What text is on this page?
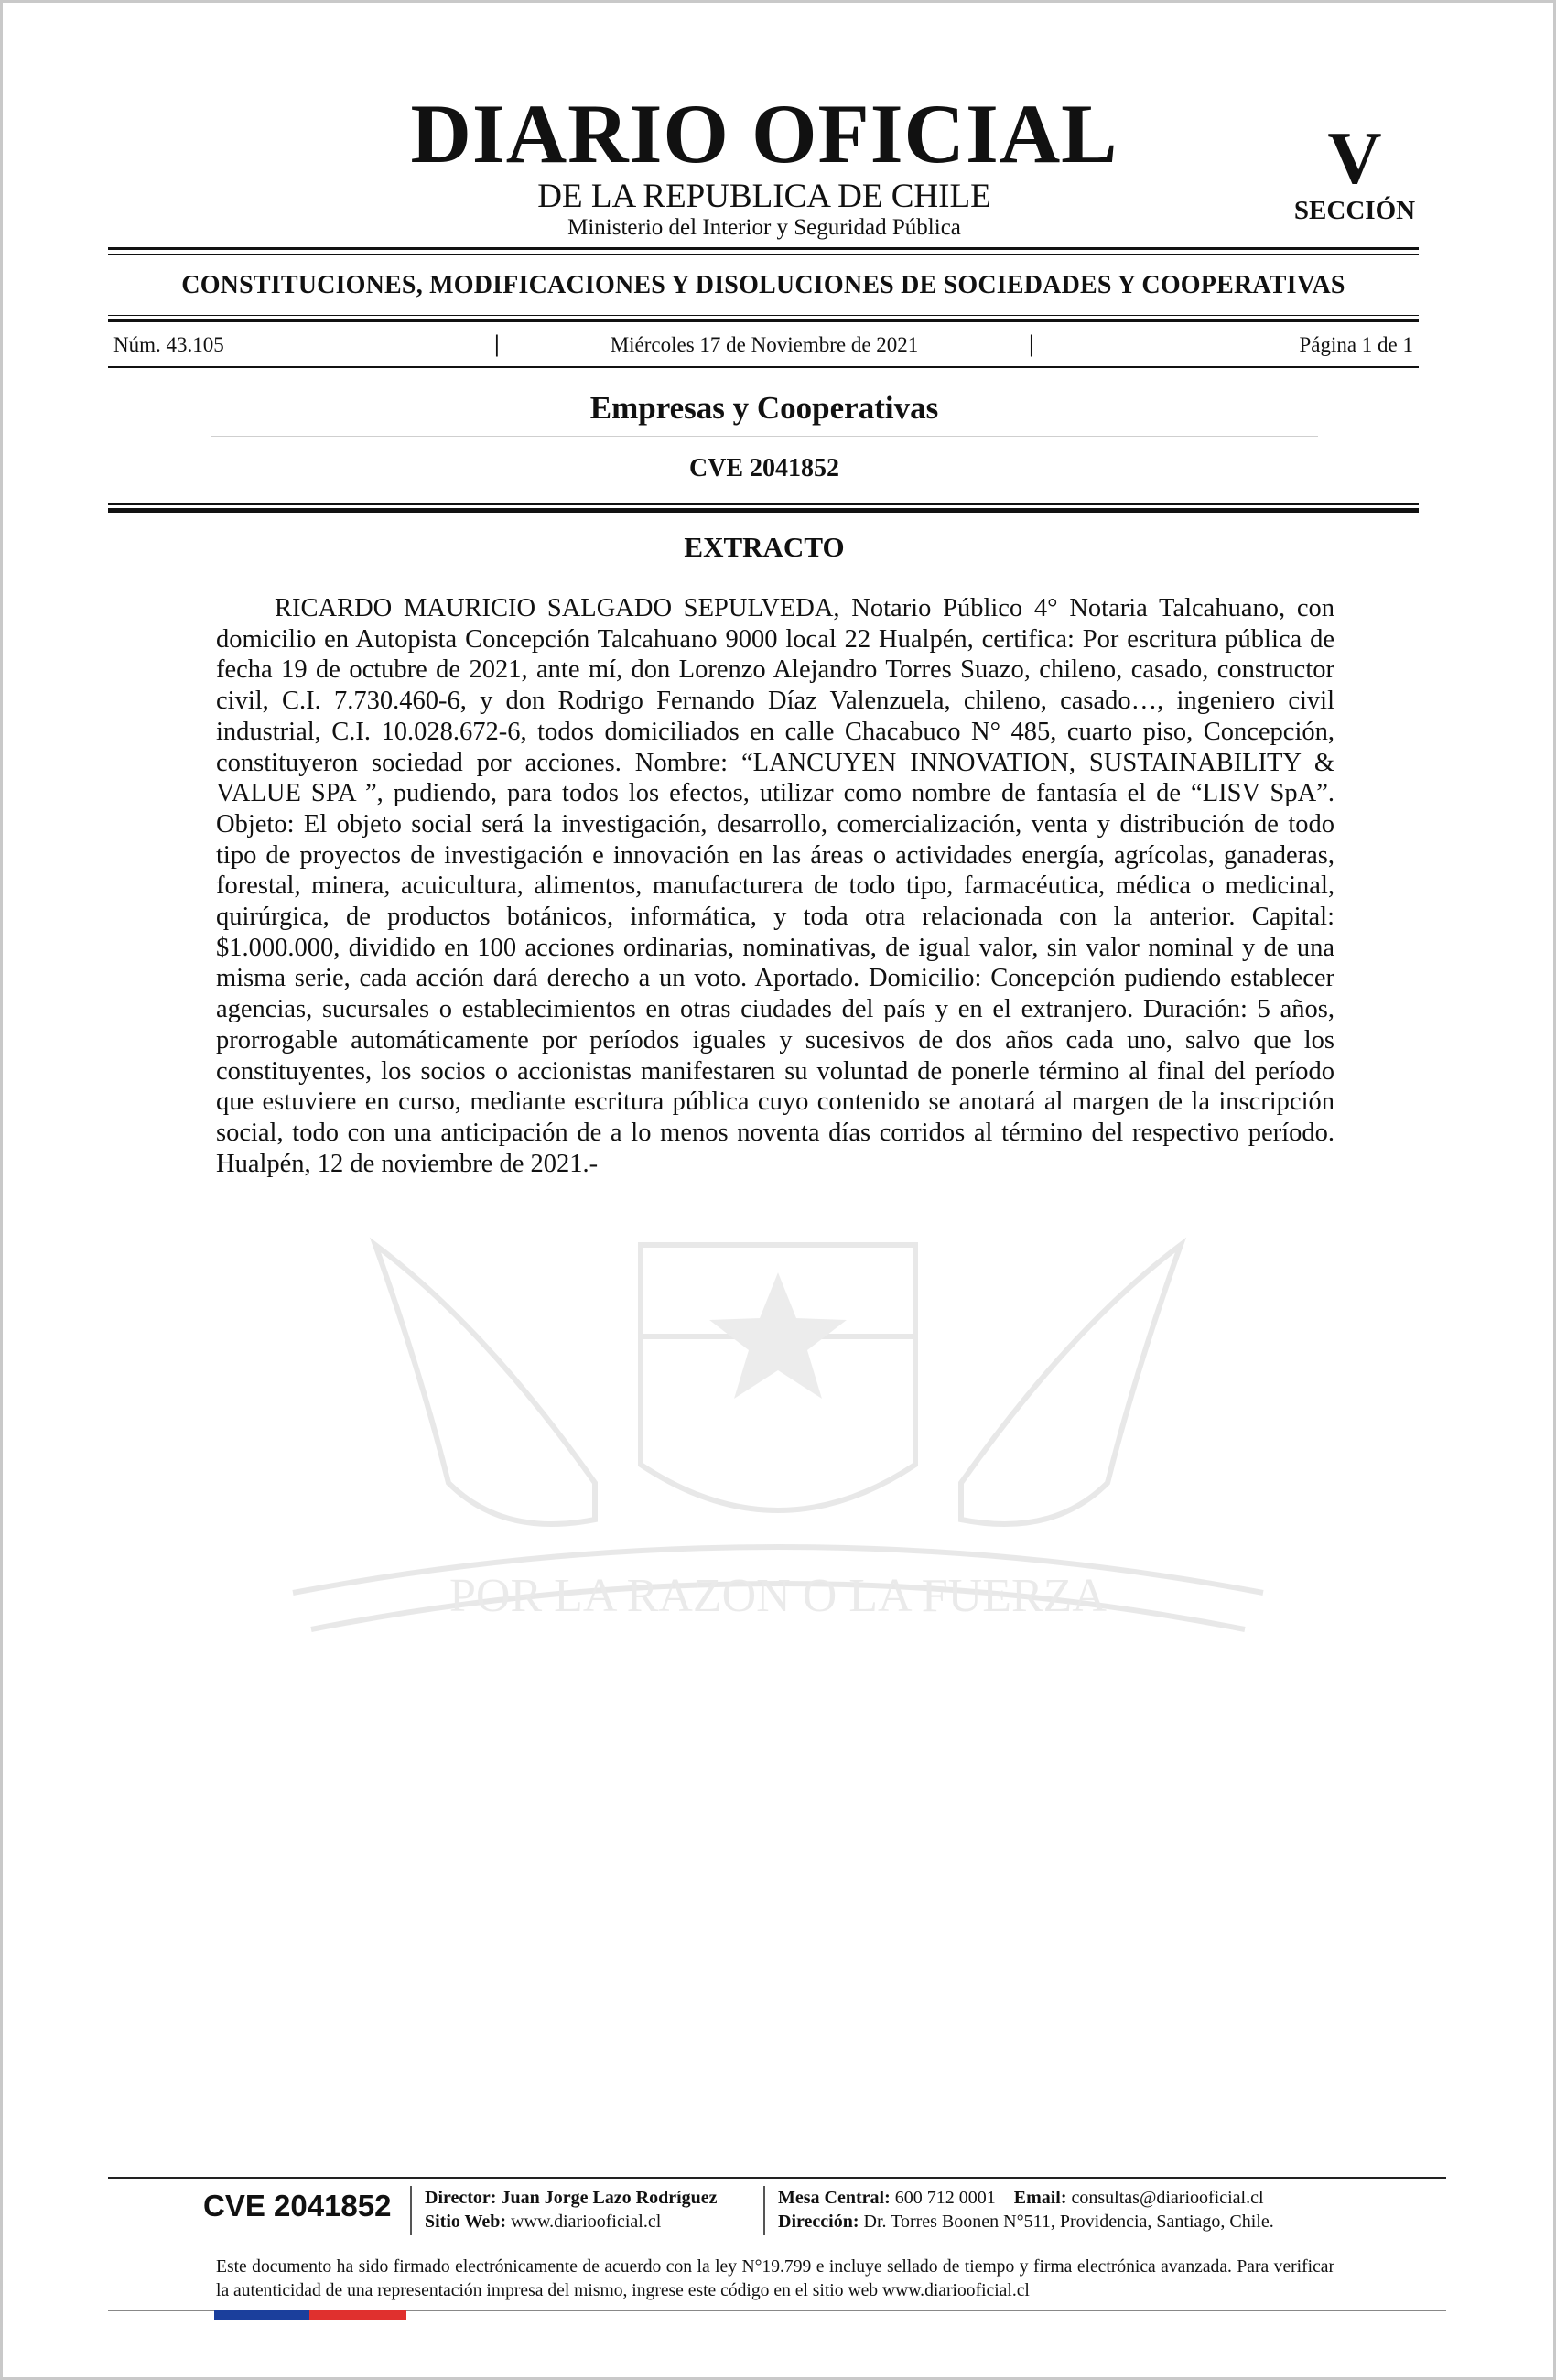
DIARIO OFICIAL
DE LA REPUBLICA DE CHILE
Ministerio del Interior y Seguridad Pública
V
SECCIÓN
CONSTITUCIONES, MODIFICACIONES Y DISOLUCIONES DE SOCIEDADES Y COOPERATIVAS
Núm. 43.105	|	Miércoles 17 de Noviembre de 2021	|	Página 1 de 1
Empresas y Cooperativas
CVE 2041852
POR LA RAZON O LA FUERZA
EXTRACTO

RICARDO MAURICIO SALGADO SEPULVEDA, Notario Público 4° Notaria Talcahuano, con domicilio en Autopista Concepción Talcahuano 9000 local 22 Hualpén, certifica: Por escritura pública de fecha 19 de octubre de 2021, ante mí, don Lorenzo Alejandro Torres Suazo, chileno, casado, constructor civil, C.I. 7.730.460-6, y don Rodrigo Fernando Díaz Valenzuela, chileno, casado…, ingeniero civil industrial, C.I. 10.028.672-6, todos domiciliados en calle Chacabuco N° 485, cuarto piso, Concepción, constituyeron sociedad por acciones. Nombre: “LANCUYEN INNOVATION, SUSTAINABILITY & VALUE SPA ”, pudiendo, para todos los efectos, utilizar como nombre de fantasía el de “LISV SpA”. Objeto: El objeto social será la investigación, desarrollo, comercialización, venta y distribución de todo tipo de proyectos de investigación e innovación en las áreas o actividades energía, agrícolas, ganaderas, forestal, minera, acuicultura, alimentos, manufacturera de todo tipo, farmacéutica, médica o medicinal, quirúrgica, de productos botánicos, informática, y toda otra relacionada con la anterior. Capital: $1.000.000, dividido en 100 acciones ordinarias, nominativas, de igual valor, sin valor nominal y de una misma serie, cada acción dará derecho a un voto. Aportado. Domicilio: Concepción pudiendo establecer agencias, sucursales o establecimientos en otras ciudades del país y en el extranjero. Duración: 5 años, prorrogable automáticamente por períodos iguales y sucesivos de dos años cada uno, salvo que los constituyentes, los socios o accionistas manifestaren su voluntad de ponerle término al final del período que estuviere en curso, mediante escritura pública cuyo contenido se anotará al margen de la inscripción social, todo con una anticipación de a lo menos noventa días corridos al término del respectivo período. Hualpén, 12 de noviembre de 2021.-

CVE 2041852 Director: Juan Jorge Lazo Rodríguez
Sitio Web: www.diariooficial.cl
Mesa Central: 600 712 0001 Email: consultas@diariooficial.cl
Dirección: Dr. Torres Boonen N°511, Providencia, Santiago, Chile.

Este documento ha sido firmado electrónicamente de acuerdo con la ley N°19.799 e incluye sellado de tiempo y firma electrónica avanzada. Para verificar la autenticidad de una representación impresa del mismo, ingrese este código en el sitio web www.diariooficial.cl
